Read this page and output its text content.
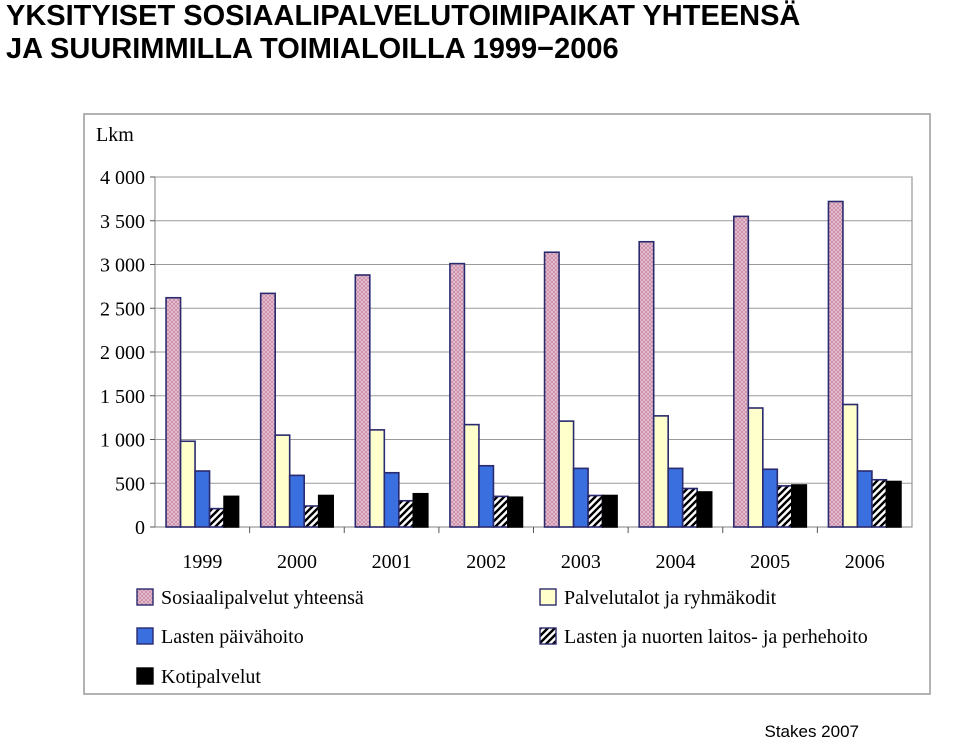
YKSITYISET SOSIAALIPALVELUTOIMIPAIKAT YHTEENSÄ
JA SUURIMMILLA TOIMIALOILLA 1999−2006
0
500
1 000
1 500
2 000
2 500
3 000
3 500
4 000
Lkm
1999	2000	2001	2002	2003	2004	2005	2006
Sosiaalipalvelut yhteensä	Palvelutalot ja ryhmäkodit
Lasten päivähoito	Lasten ja nuorten laitos- ja perhehoito
Kotipalvelut
Stakes 2007
